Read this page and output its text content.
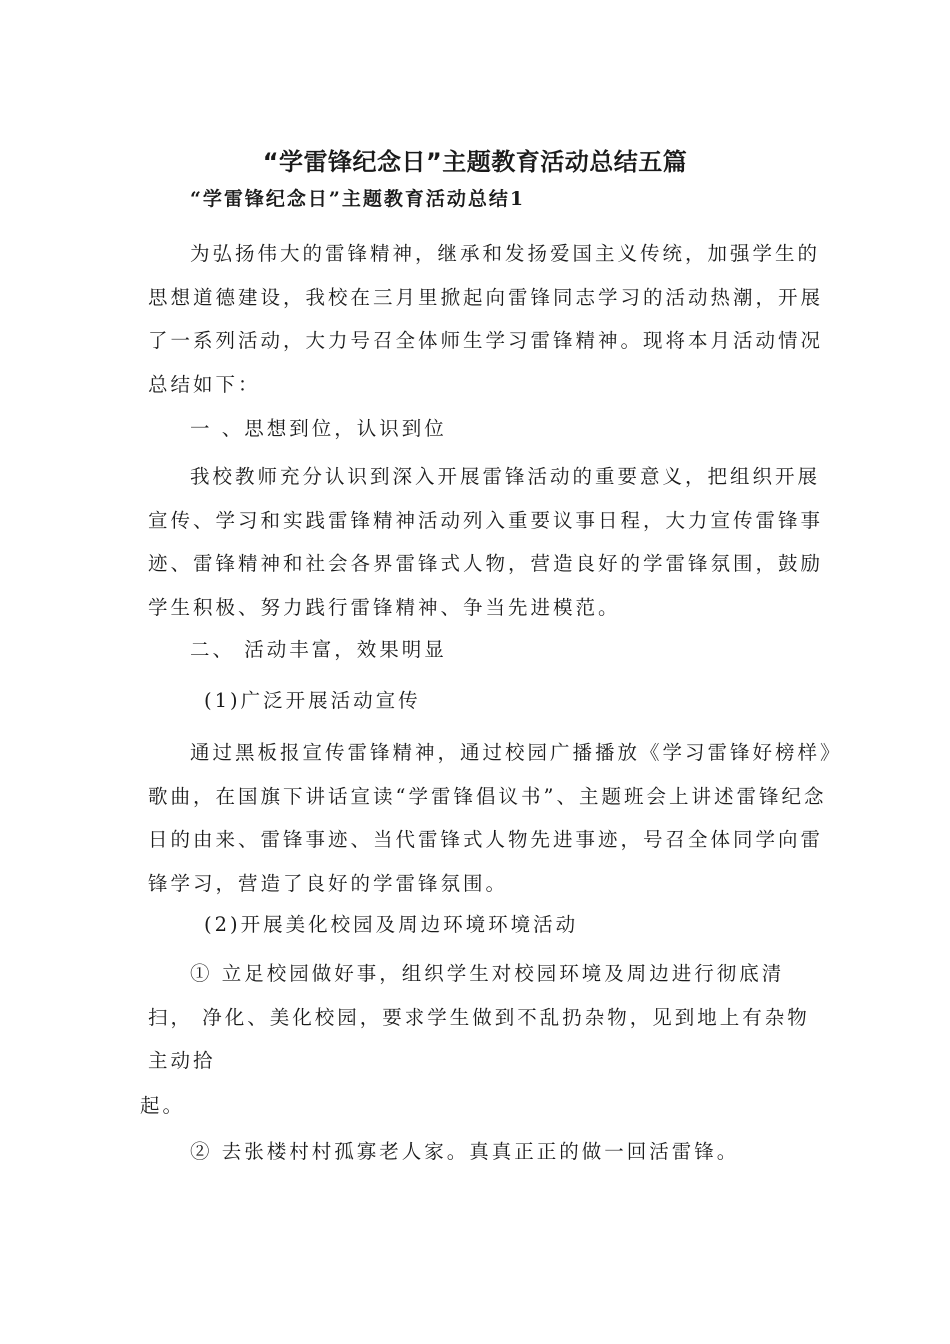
“学雷锋纪念日”主题教育活动总结五篇
“学雷锋纪念日”主题教育活动总结1
为弘扬伟大的雷锋精神，继承和发扬爱国主义传统，加强学生的
思想道德建设，我校在三月里掀起向雷锋同志学习的活动热潮，开展
了一系列活动，大力号召全体师生学习雷锋精神。现将本月活动情况
总结如下：
一 、思想到位，认识到位
我校教师充分认识到深入开展雷锋活动的重要意义，把组织开展
宣传、学习和实践雷锋精神活动列入重要议事日程，大力宣传雷锋事
迹、雷锋精神和社会各界雷锋式人物，营造良好的学雷锋氛围，鼓励
学生积极、努力践行雷锋精神、争当先进模范。
二、 活动丰富，效果明显
(1)广泛开展活动宣传
通过黑板报宣传雷锋精神，通过校园广播播放《学习雷锋好榜样》
歌曲，在国旗下讲话宣读“学雷锋倡议书”、主题班会上讲述雷锋纪念
日的由来、雷锋事迹、当代雷锋式人物先进事迹，号召全体同学向雷
锋学习，营造了良好的学雷锋氛围。
(2)开展美化校园及周边环境环境活动
① 立足校园做好事，组织学生对校园环境及周边进行彻底清
扫， 净化、美化校园，要求学生做到不乱扔杂物，见到地上有杂物
主动拾
起。
② 去张楼村村孤寡老人家。真真正正的做一回活雷锋。
